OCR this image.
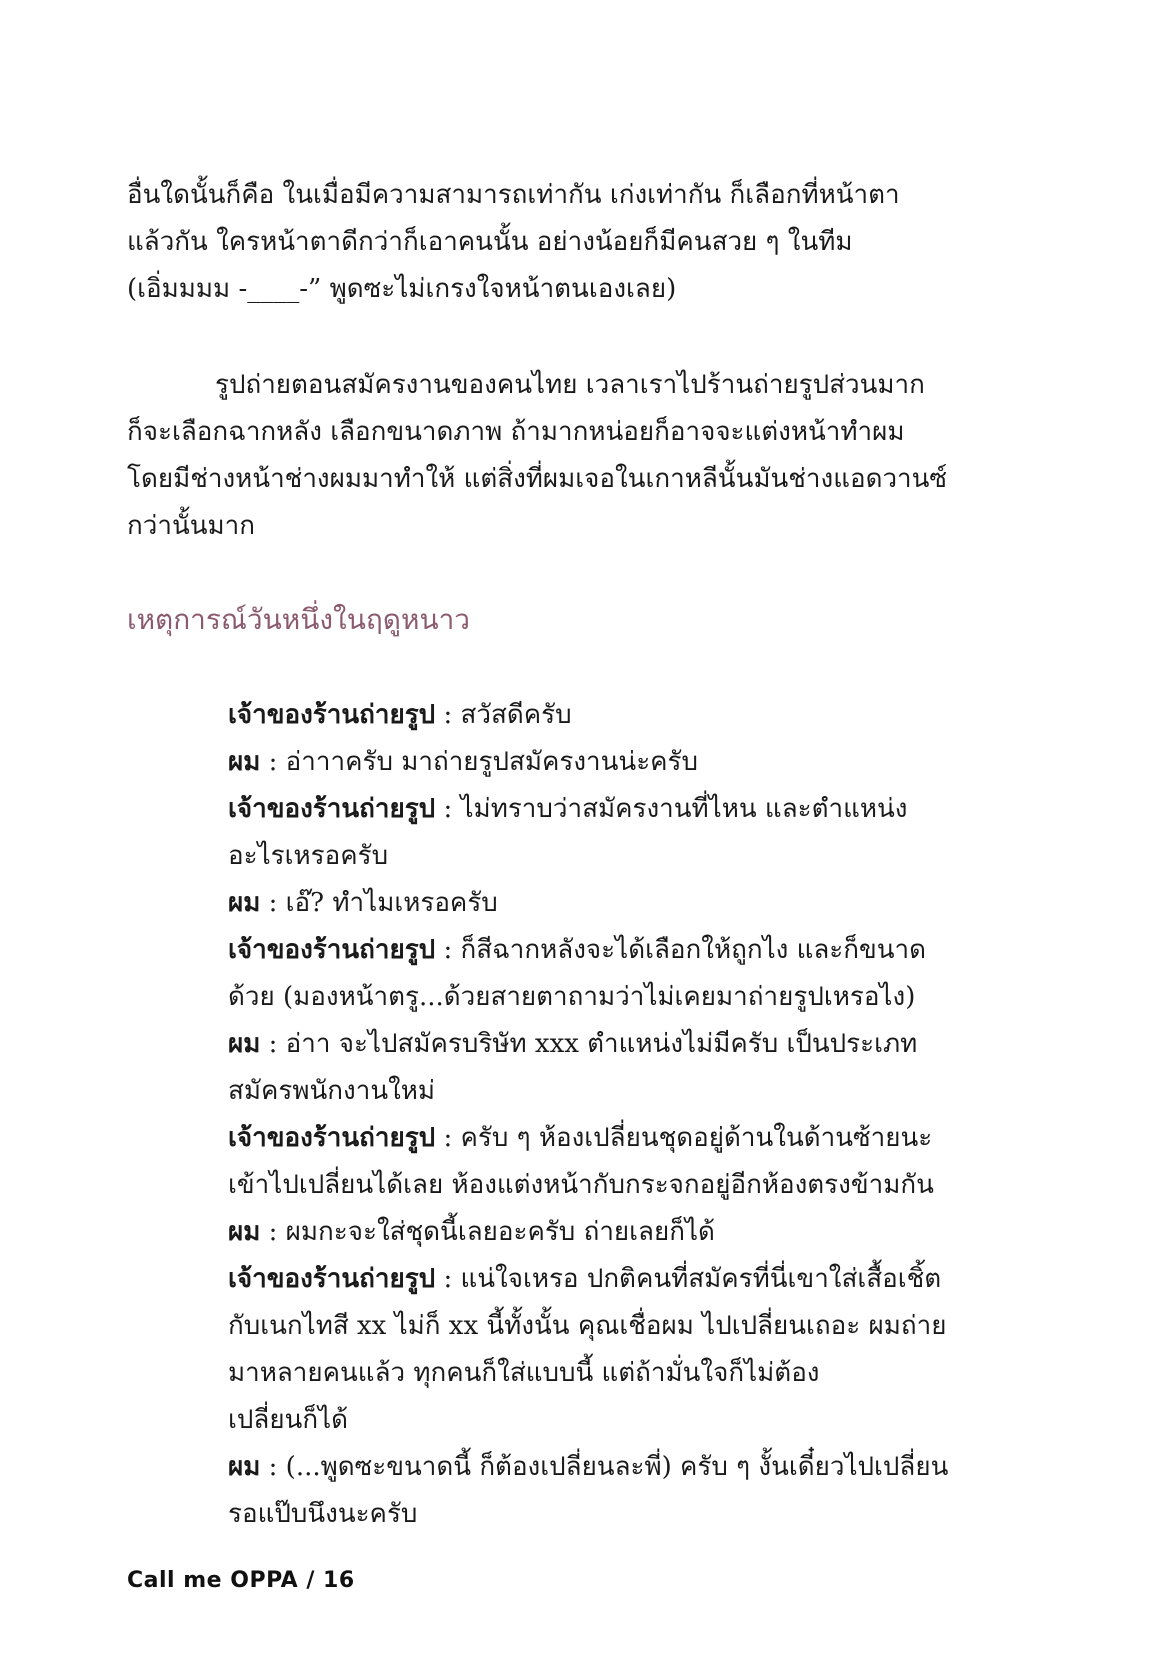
อื่นใดนั้นก็คือ ในเมื่อมีความสามารถเท่ากัน เก่งเท่ากัน ก็เลือกที่หน้าตา
แล้วกัน ใครหน้าตาดีกว่าก็เอาคนนั้น อย่างน้อยก็มีคนสวย ๆ ในทีม
(เอิ่มมมม -____-” พูดซะไม่เกรงใจหน้าตนเองเลย)
รูปถ่ายตอนสมัครงานของคนไทย เวลาเราไปร้านถ่ายรูปส่วนมาก
ก็จะเลือกฉากหลัง เลือกขนาดภาพ ถ้ามากหน่อยก็อาจจะแต่งหน้าทำผม
โดยมีช่างหน้าช่างผมมาทำให้ แต่สิ่งที่ผมเจอในเกาหลีนั้นมันช่างแอดวานซ์
กว่านั้นมาก
เหตุการณ์วันหนึ่งในฤดูหนาว
เจ้าของร้านถ่ายรูป : สวัสดีครับ
ผม : อ่าาาครับ มาถ่ายรูปสมัครงานน่ะครับ
เจ้าของร้านถ่ายรูป : ไม่ทราบว่าสมัครงานที่ไหน และตำแหน่ง
อะไรเหรอครับ
ผม : เอ๊? ทำไมเหรอครับ
เจ้าของร้านถ่ายรูป : ก็สีฉากหลังจะได้เลือกให้ถูกไง และก็ขนาด
ด้วย (มองหน้าตรู...ด้วยสายตาถามว่าไม่เคยมาถ่ายรูปเหรอไง)
ผม : อ่าา จะไปสมัครบริษัท xxx ตำแหน่งไม่มีครับ เป็นประเภท
สมัครพนักงานใหม่
เจ้าของร้านถ่ายรูป : ครับ ๆ ห้องเปลี่ยนชุดอยู่ด้านในด้านซ้ายนะ
เข้าไปเปลี่ยนได้เลย ห้องแต่งหน้ากับกระจกอยู่อีกห้องตรงข้ามกัน
ผม : ผมกะจะใส่ชุดนี้เลยอะครับ ถ่ายเลยก็ได้
เจ้าของร้านถ่ายรูป : แน่ใจเหรอ ปกติคนที่สมัครที่นี่เขาใส่เสื้อเชิ้ต
กับเนกไทสี xx ไม่ก็ xx นี้ทั้งนั้น คุณเชื่อผม ไปเปลี่ยนเถอะ ผมถ่าย
มาหลายคนแล้ว ทุกคนก็ใส่แบบนี้ แต่ถ้ามั่นใจก็ไม่ต้อง
เปลี่ยนก็ได้
ผม : (...พูดซะขนาดนี้ ก็ต้องเปลี่ยนละพี่) ครับ ๆ งั้นเดี๋ยวไปเปลี่ยน
รอแป๊บนึงนะครับ
Call me OPPA / 16
